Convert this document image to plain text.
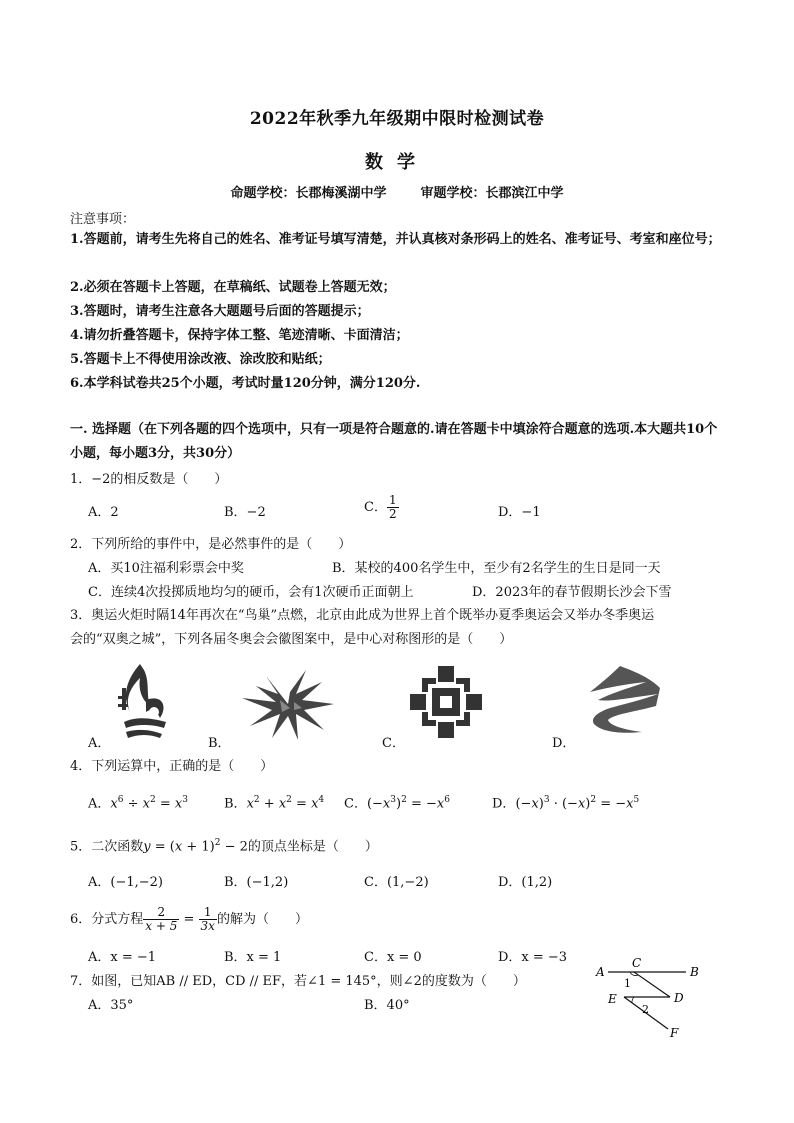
2022年秋季九年级期中限时检测试卷
数学
命题学校：长郡梅溪湖中学	审题学校：长郡滨江中学
注意事项：
1.答题前，请考生先将自己的姓名、准考证号填写清楚，并认真核对条形码上的姓名、准考证号、考室和座位号；
2.必须在答题卡上答题，在草稿纸、试题卷上答题无效；
3.答题时，请考生注意各大题题号后面的答题提示；
4.请勿折叠答题卡，保持字体工整、笔迹清晰、卡面清洁；
5.答题卡上不得使用涂改液、涂改胶和贴纸；
6.本学科试卷共25个小题，考试时量120分钟，满分120分.
一. 选择题（在下列各题的四个选项中，只有一项是符合题意的.请在答题卡中填涂符合题意的选项.本大题共10个小题，每小题3分，共30分）
1．−2的相反数是（　　）
A．2	B．−2	C． $\frac{1}{2}$	D．−1
2．下列所给的事件中，是必然事件的是（　　）
A．买10注福利彩票会中奖	B．某校的400名学生中，至少有2名学生的生日是同一天
C．连续4次投掷质地均匀的硬币，会有1次硬币正面朝上	D．2023年的春节假期长沙会下雪
3．奥运火炬时隔14年再次在“鸟巢”点燃，北京由此成为世界上首个既举办夏季奥运会又举办冬季奥运
会的“双奥之城”，下列各届冬奥会会徽图案中，是中心对称图形的是（　　）
A．	B．	C．	D．
4．下列运算中，正确的是（　　）
A．$x^6 \div x^2 = x^3$	B．$x^2 + x^2 = x^4$ C．$(-x^3)^2 = -x^6$	D．$(-x)^3 \cdot (-x)^2 = -x^5$
5．二次函数$y = (x + 1)^2 - 2$的顶点坐标是（　　）
A．(−1,−2)	B．(−1,2)	C．(1,−2)	D．(1,2)
6．分式方程 $\frac{2}{x + 5} = \frac{1}{3x}$ 的解为（　　）
A．x = −1	B．x = 1	C．x = 0	D．x = −3
7．如图，已知AB // ED，CD // EF，若∠1 = 145°，则∠2的度数为（　　）
A．35°	B．40°
A	B
C
D
E
F
1
2
